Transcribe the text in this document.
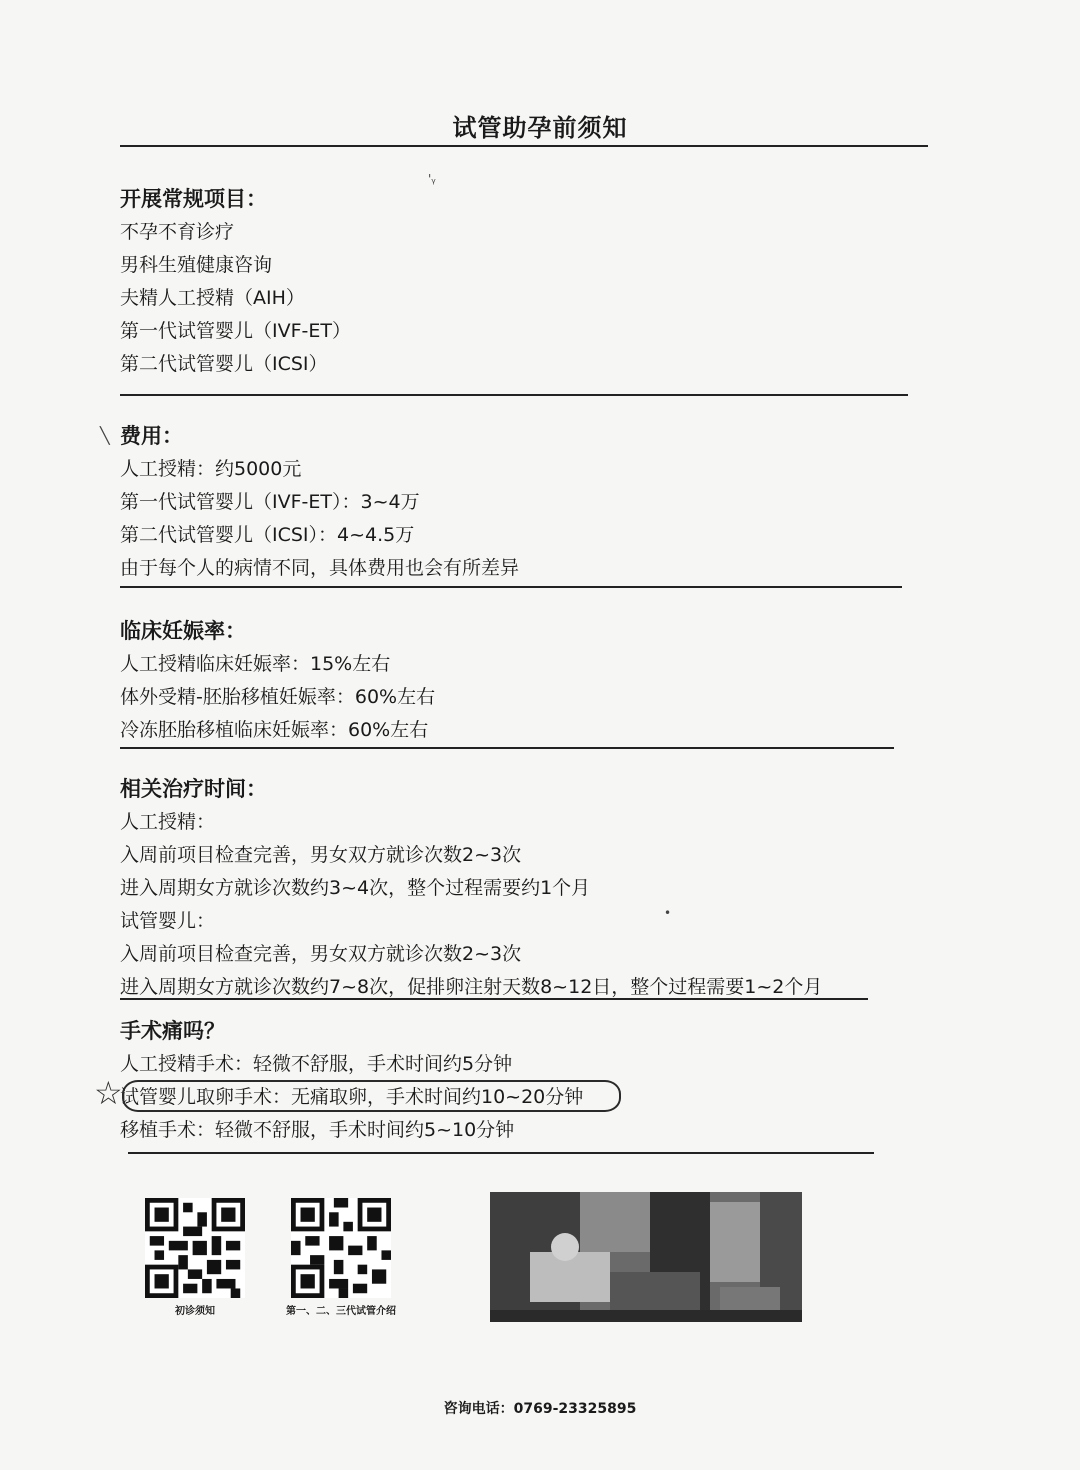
试管助孕前须知
'ᵧ
╲
开展常规项目：
不孕不育诊疗
男科生殖健康咨询
夫精人工授精（AIH）
第一代试管婴儿（IVF-ET）
第二代试管婴儿（ICSI）
费用：
人工授精：约5000元
第一代试管婴儿（IVF-ET）：3~4万
第二代试管婴儿（ICSI）：4~4.5万
由于每个人的病情不同，具体费用也会有所差异
临床妊娠率：
人工授精临床妊娠率：15%左右
体外受精-胚胎移植妊娠率：60%左右
冷冻胚胎移植临床妊娠率：60%左右
相关治疗时间：
人工授精：
入周前项目检查完善，男女双方就诊次数2~3次
进入周期女方就诊次数约3~4次，整个过程需要约1个月
试管婴儿：
入周前项目检查完善，男女双方就诊次数2~3次
进入周期女方就诊次数约7~8次，促排卵注射天数8~12日，整个过程需要1~2个月
•
手术痛吗？
人工授精手术：轻微不舒服，手术时间约5分钟
试管婴儿取卵手术：无痛取卵，手术时间约10~20分钟
移植手术：轻微不舒服，手术时间约5~10分钟
☆
初诊须知	第一、二、三代试管介绍
咨询电话：0769-23325895
